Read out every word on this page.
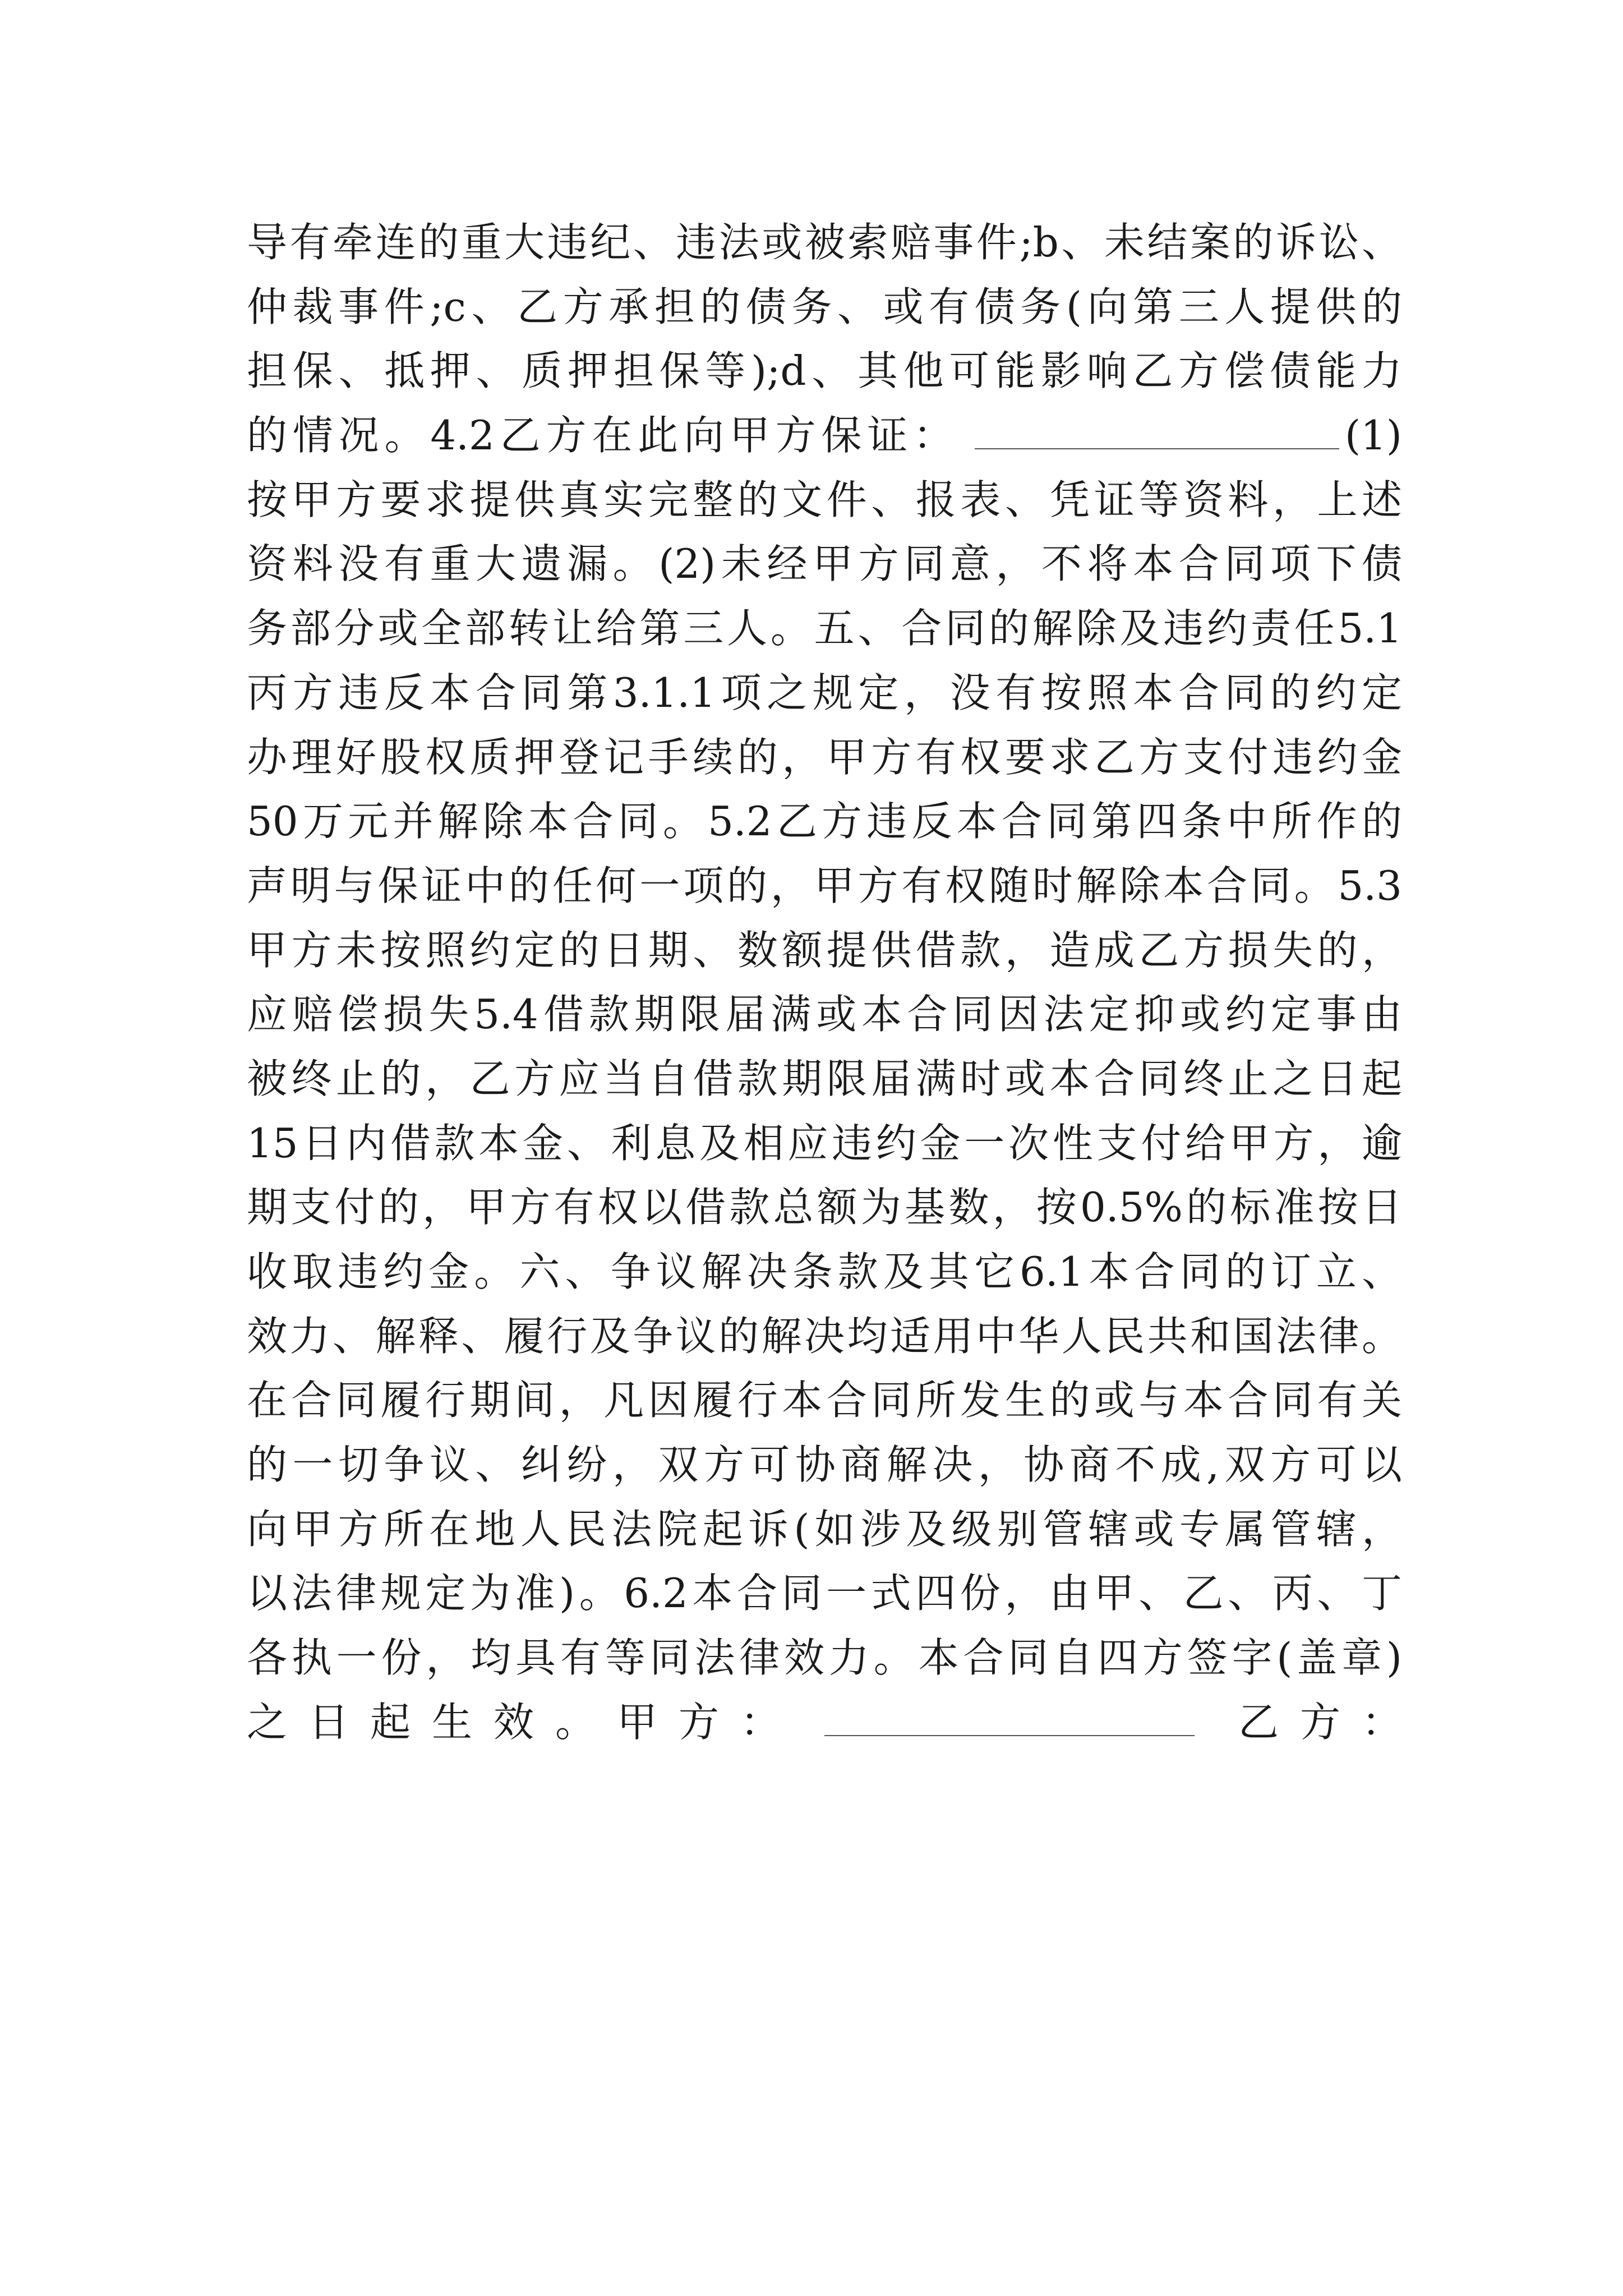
导有牵连的重大违纪、违法或被索赔事件;b、未结案的诉讼、
仲裁事件;c、乙方承担的债务、或有债务(向第三人提供的
担保、抵押、质押担保等);d、其他可能影响乙方偿债能力
的情况。4.2乙方在此向甲方保证：	(1)
按甲方要求提供真实完整的文件、报表、凭证等资料，上述
资料没有重大遗漏。(2)未经甲方同意，不将本合同项下债
务部分或全部转让给第三人。五、合同的解除及违约责任5.1
丙方违反本合同第3.1.1项之规定，没有按照本合同的约定
办理好股权质押登记手续的，甲方有权要求乙方支付违约金
50万元并解除本合同。5.2乙方违反本合同第四条中所作的
声明与保证中的任何一项的，甲方有权随时解除本合同。5.3
甲方未按照约定的日期、数额提供借款，造成乙方损失的，
应赔偿损失5.4借款期限届满或本合同因法定抑或约定事由
被终止的，乙方应当自借款期限届满时或本合同终止之日起
15日内借款本金、利息及相应违约金一次性支付给甲方，逾
期支付的，甲方有权以借款总额为基数，按0.5%的标准按日
收取违约金。六、争议解决条款及其它6.1本合同的订立、
效力、解释、履行及争议的解决均适用中华人民共和国法律。
在合同履行期间，凡因履行本合同所发生的或与本合同有关
的一切争议、纠纷，双方可协商解决，协商不成,双方可以
向甲方所在地人民法院起诉(如涉及级别管辖或专属管辖，
以法律规定为准)。6.2本合同一式四份，由甲、乙、丙、丁
各执一份，均具有等同法律效力。本合同自四方签字(盖章)
之日起生效。甲方：	乙方：
